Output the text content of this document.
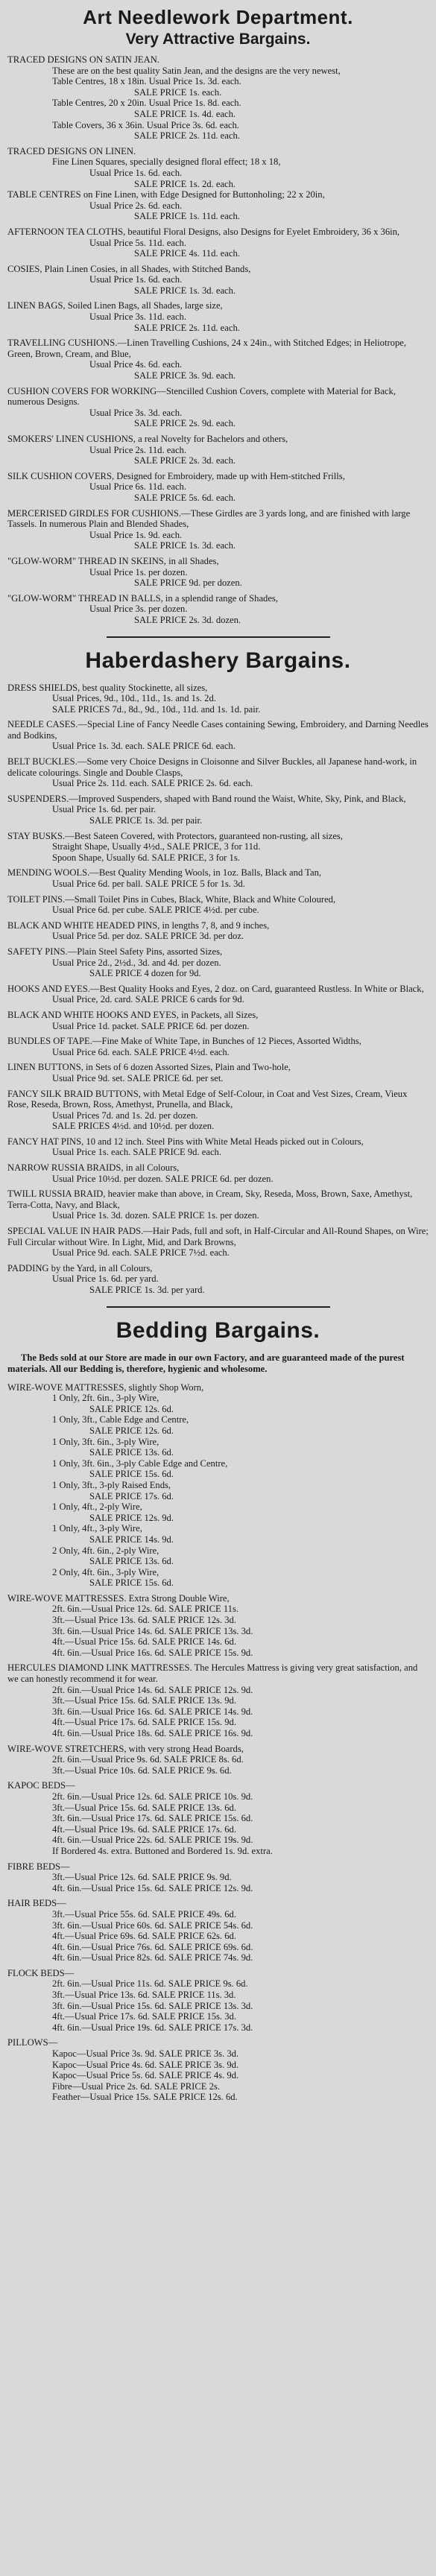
Art Needlework Department.
Very Attractive Bargains.

TRACED DESIGNS ON SATIN JEAN.

These are on the best quality Satin Jean, and the designs are the very newest,

Table Centres, 18 x 18in. Usual Price 1s. 3d. each.

SALE PRICE 1s. each.

Table Centres, 20 x 20in. Usual Price 1s. 8d. each.

SALE PRICE 1s. 4d. each.

Table Covers, 36 x 36in. Usual Price 3s. 6d. each.

SALE PRICE 2s. 11d. each.

TRACED DESIGNS ON LINEN.

Fine Linen Squares, specially designed floral effect; 18 x 18,

Usual Price 1s. 6d. each.

SALE PRICE 1s. 2d. each.

TABLE CENTRES on Fine Linen, with Edge Designed for Buttonholing; 22 x 20in,

Usual Price 2s. 6d. each.

SALE PRICE 1s. 11d. each.

AFTERNOON TEA CLOTHS, beautiful Floral Designs, also Designs for Eyelet Embroidery, 36 x 36in,

Usual Price 5s. 11d. each.

SALE PRICE 4s. 11d. each.

COSIES, Plain Linen Cosies, in all Shades, with Stitched Bands,

Usual Price 1s. 6d. each.

SALE PRICE 1s. 3d. each.

LINEN BAGS, Soiled Linen Bags, all Shades, large size,

Usual Price 3s. 11d. each.

SALE PRICE 2s. 11d. each.

TRAVELLING CUSHIONS.—Linen Travelling Cushions, 24 x 24in., with Stitched Edges; in Heliotrope, Green, Brown, Cream, and Blue,

Usual Price 4s. 6d. each.

SALE PRICE 3s. 9d. each.

CUSHION COVERS FOR WORKING—Stencilled Cushion Covers, complete with Material for Back, numerous Designs.

Usual Price 3s. 3d. each.

SALE PRICE 2s. 9d. each.

SMOKERS' LINEN CUSHIONS, a real Novelty for Bachelors and others,

Usual Price 2s. 11d. each.

SALE PRICE 2s. 3d. each.

SILK CUSHION COVERS, Designed for Embroidery, made up with Hem-stitched Frills,

Usual Price 6s. 11d. each.

SALE PRICE 5s. 6d. each.

MERCERISED GIRDLES FOR CUSHIONS.—These Girdles are 3 yards long, and are finished with large Tassels. In numerous Plain and Blended Shades,

Usual Price 1s. 9d. each.

SALE PRICE 1s. 3d. each.

"GLOW-WORM" THREAD IN SKEINS, in all Shades,

Usual Price 1s. per dozen.

SALE PRICE 9d. per dozen.

"GLOW-WORM" THREAD IN BALLS, in a splendid range of Shades,

Usual Price 3s. per dozen.

SALE PRICE 2s. 3d. dozen.

Haberdashery Bargains.

DRESS SHIELDS, best quality Stockinette, all sizes,

Usual Prices, 9d., 10d., 11d., 1s. and 1s. 2d.

SALE PRICES 7d., 8d., 9d., 10d., 11d. and 1s. 1d. pair.

NEEDLE CASES.—Special Line of Fancy Needle Cases containing Sewing, Embroidery, and Darning Needles and Bodkins,

Usual Price 1s. 3d. each. SALE PRICE 6d. each.

BELT BUCKLES.—Some very Choice Designs in Cloisonne and Silver Buckles, all Japanese hand-work, in delicate colourings. Single and Double Clasps,

Usual Price 2s. 11d. each. SALE PRICE 2s. 6d. each.

SUSPENDERS.—Improved Suspenders, shaped with Band round the Waist, White, Sky, Pink, and Black,

Usual Price 1s. 6d. per pair.

SALE PRICE 1s. 3d. per pair.

STAY BUSKS.—Best Sateen Covered, with Protectors, guaranteed non-rusting, all sizes,

Straight Shape, Usually 4½d., SALE PRICE, 3 for 11d.

Spoon Shape, Usually 6d. SALE PRICE, 3 for 1s.

MENDING WOOLS.—Best Quality Mending Wools, in 1oz. Balls, Black and Tan,

Usual Price 6d. per ball. SALE PRICE 5 for 1s. 3d.

TOILET PINS.—Small Toilet Pins in Cubes, Black, White, Black and White Coloured,

Usual Price 6d. per cube. SALE PRICE 4½d. per cube.

BLACK AND WHITE HEADED PINS, in lengths 7, 8, and 9 inches,

Usual Price 5d. per doz. SALE PRICE 3d. per doz.

SAFETY PINS.—Plain Steel Safety Pins, assorted Sizes,

Usual Price 2d., 2½d., 3d. and 4d. per dozen.

SALE PRICE 4 dozen for 9d.

HOOKS AND EYES.—Best Quality Hooks and Eyes, 2 doz. on Card, guaranteed Rustless. In White or Black,

Usual Price, 2d. card. SALE PRICE 6 cards for 9d.

BLACK AND WHITE HOOKS AND EYES, in Packets, all Sizes,

Usual Price 1d. packet. SALE PRICE 6d. per dozen.

BUNDLES OF TAPE.—Fine Make of White Tape, in Bunches of 12 Pieces, Assorted Widths,

Usual Price 6d. each. SALE PRICE 4½d. each.

LINEN BUTTONS, in Sets of 6 dozen Assorted Sizes, Plain and Two-hole,

Usual Price 9d. set. SALE PRICE 6d. per set.

FANCY SILK BRAID BUTTONS, with Metal Edge of Self-Colour, in Coat and Vest Sizes, Cream, Vieux Rose, Reseda, Brown, Ross, Amethyst, Prunella, and Black,

Usual Prices 7d. and 1s. 2d. per dozen.

SALE PRICES 4½d. and 10½d. per dozen.

FANCY HAT PINS, 10 and 12 inch. Steel Pins with White Metal Heads picked out in Colours,

Usual Price 1s. each. SALE PRICE 9d. each.

NARROW RUSSIA BRAIDS, in all Colours,

Usual Price 10½d. per dozen. SALE PRICE 6d. per dozen.

TWILL RUSSIA BRAID, heavier make than above, in Cream, Sky, Reseda, Moss, Brown, Saxe, Amethyst, Terra-Cotta, Navy, and Black,

Usual Price 1s. 3d. dozen. SALE PRICE 1s. per dozen.

SPECIAL VALUE IN HAIR PADS.—Hair Pads, full and soft, in Half-Circular and All-Round Shapes, on Wire; Full Circular without Wire. In Light, Mid, and Dark Browns,

Usual Price 9d. each. SALE PRICE 7½d. each.

PADDING by the Yard, in all Colours,

Usual Price 1s. 6d. per yard.

SALE PRICE 1s. 3d. per yard.

Bedding Bargains.
The Beds sold at our Store are made in our own Factory, and are guaranteed made of the purest materials. All our Bedding is, therefore, hygienic and wholesome.

WIRE-WOVE MATTRESSES, slightly Shop Worn,

1 Only, 2ft. 6in., 3-ply Wire,

SALE PRICE 12s. 6d.

1 Only, 3ft., Cable Edge and Centre,

SALE PRICE 12s. 6d.

1 Only, 3ft. 6in., 3-ply Wire,

SALE PRICE 13s. 6d.

1 Only, 3ft. 6in., 3-ply Cable Edge and Centre,

SALE PRICE 15s. 6d.

1 Only, 3ft., 3-ply Raised Ends,

SALE PRICE 17s. 6d.

1 Only, 4ft., 2-ply Wire,

SALE PRICE 12s. 9d.

1 Only, 4ft., 3-ply Wire,

SALE PRICE 14s. 9d.

2 Only, 4ft. 6in., 2-ply Wire,

SALE PRICE 13s. 6d.

2 Only, 4ft. 6in., 3-ply Wire,

SALE PRICE 15s. 6d.

WIRE-WOVE MATTRESSES. Extra Strong Double Wire,

2ft. 6in.—Usual Price 12s. 6d. SALE PRICE 11s.

3ft.—Usual Price 13s. 6d. SALE PRICE 12s. 3d.

3ft. 6in.—Usual Price 14s. 6d. SALE PRICE 13s. 3d.

4ft.—Usual Price 15s. 6d. SALE PRICE 14s. 6d.

4ft. 6in.—Usual Price 16s. 6d. SALE PRICE 15s. 9d.

HERCULES DIAMOND LINK MATTRESSES. The Hercules Mattress is giving very great satisfaction, and we can honestly recommend it for wear.

2ft. 6in.—Usual Price 14s. 6d. SALE PRICE 12s. 9d.

3ft.—Usual Price 15s. 6d. SALE PRICE 13s. 9d.

3ft. 6in.—Usual Price 16s. 6d. SALE PRICE 14s. 9d.

4ft.—Usual Price 17s. 6d. SALE PRICE 15s. 9d.

4ft. 6in.—Usual Price 18s. 6d. SALE PRICE 16s. 9d.

WIRE-WOVE STRETCHERS, with very strong Head Boards,

2ft. 6in.—Usual Price 9s. 6d. SALE PRICE 8s. 6d.

3ft.—Usual Price 10s. 6d. SALE PRICE 9s. 6d.

KAPOC BEDS—

2ft. 6in.—Usual Price 12s. 6d. SALE PRICE 10s. 9d.

3ft.—Usual Price 15s. 6d. SALE PRICE 13s. 6d.

3ft. 6in.—Usual Price 17s. 6d. SALE PRICE 15s. 6d.

4ft.—Usual Price 19s. 6d. SALE PRICE 17s. 6d.

4ft. 6in.—Usual Price 22s. 6d. SALE PRICE 19s. 9d.

If Bordered 4s. extra. Buttoned and Bordered 1s. 9d. extra.

FIBRE BEDS—

3ft.—Usual Price 12s. 6d. SALE PRICE 9s. 9d.

4ft. 6in.—Usual Price 15s. 6d. SALE PRICE 12s. 9d.

HAIR BEDS—

3ft.—Usual Price 55s. 6d. SALE PRICE 49s. 6d.

3ft. 6in.—Usual Price 60s. 6d. SALE PRICE 54s. 6d.

4ft.—Usual Price 69s. 6d. SALE PRICE 62s. 6d.

4ft. 6in.—Usual Price 76s. 6d. SALE PRICE 69s. 6d.

4ft. 6in.—Usual Price 82s. 6d. SALE PRICE 74s. 9d.

FLOCK BEDS—

2ft. 6in.—Usual Price 11s. 6d. SALE PRICE 9s. 6d.

3ft.—Usual Price 13s. 6d. SALE PRICE 11s. 3d.

3ft. 6in.—Usual Price 15s. 6d. SALE PRICE 13s. 3d.

4ft.—Usual Price 17s. 6d. SALE PRICE 15s. 3d.

4ft. 6in.—Usual Price 19s. 6d. SALE PRICE 17s. 3d.

PILLOWS—

Kapoc—Usual Price 3s. 9d. SALE PRICE 3s. 3d.

Kapoc—Usual Price 4s. 6d. SALE PRICE 3s. 9d.

Kapoc—Usual Price 5s. 6d. SALE PRICE 4s. 9d.

Fibre—Usual Price 2s. 6d. SALE PRICE 2s.

Feather—Usual Price 15s. SALE PRICE 12s. 6d.
